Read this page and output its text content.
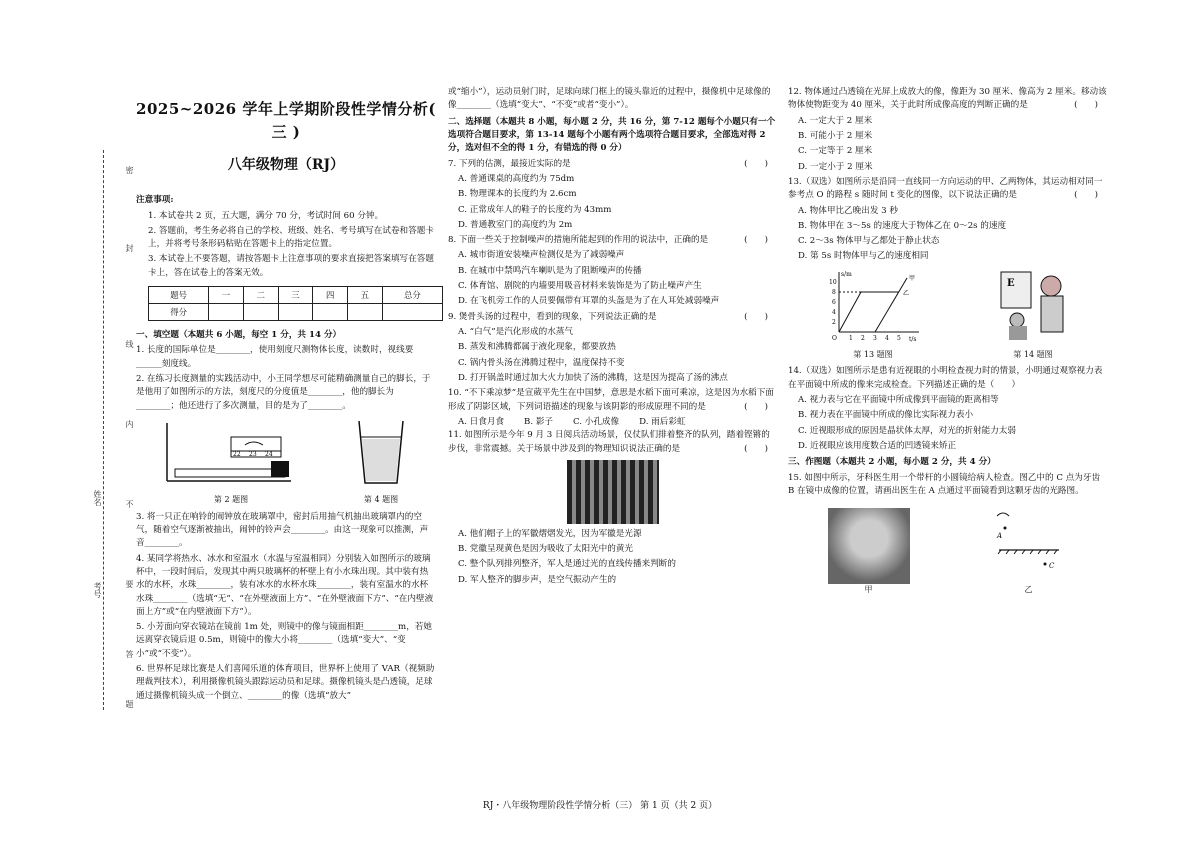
密
封
线
内
不
要
答
题
姓名
考号
2025~2026 学年上学期阶段性学情分析( 三 )
八年级物理（RJ）

注意事项:

1. 本试卷共 2 页，五大题，满分 70 分，考试时间 60 分钟。

2. 答题前，考生务必将自己的学校、班级、姓名、考号填写在试卷和答题卡上，并将考号条形码粘贴在答题卡上的指定位置。

3. 本试卷上不要答题，请按答题卡上注意事项的要求直接把答案填写在答题卡上，答在试卷上的答案无效。

题号	一	二	三	四	五	总分
得分						

一、填空题（本题共 6 小题，每空 1 分，共 14 分）

1. 长度的国际单位是________，使用刻度尺测物体长度，读数时，视线要______刻度线。

2. 在练习长度测量的实践活动中，小王同学想尽可能精确测量自己的脚长，于是他用了如图所示的方法，刻度尺的分度值是________，他的脚长为________；他还进行了多次测量，目的是为了________。

22 23 24
第 2 题图	第 4 题图

3. 将一只正在响铃的闹钟放在玻璃罩中，密封后用抽气机抽出玻璃罩内的空气，随着空气逐渐被抽出，闹钟的铃声会________。由这一现象可以推测，声音________。

4. 某同学将热水、冰水和室温水（水温与室温相同）分别装入如图所示的玻璃杯中，一段时间后，发现其中两只玻璃杯的杯壁上有小水珠出现。其中装有热水的水杯，水珠________，装有冰水的水杯水珠________，装有室温水的水杯水珠________（选填“无”、“在外壁液面上方”、“在外壁液面下方”、“在内壁液面上方”或“在内壁液面下方”）。

5. 小芳面向穿衣镜站在镜前 1m 处，则镜中的像与镜面相距________m，若她远离穿衣镜后退 0.5m，则镜中的像大小将________（选填“变大”、“变小”或“不变”）。

6. 世界杯足球比赛是人们喜闻乐道的体育项目，世界杯上使用了 VAR（视频助理裁判技术），利用摄像机镜头跟踪运动员和足球。摄像机镜头是凸透镜，足球通过摄像机镜头成一个倒立、________的像（选填“放大”

或“缩小”），运动员射门时，足球向球门框上的镜头靠近的过程中，摄像机中足球像的像________（选填“变大”、“不变”或者“变小”）。

二、选择题（本题共 8 小题，每小题 2 分，共 16 分，第 7-12 题每个小题只有一个选项符合题目要求，第 13-14 题每个小题有两个选项符合题目要求，全部选对得 2 分，选对但不全的得 1 分，有错选的得 0 分）

7. 下列的估测，最接近实际的是	(　　)

A. 普通课桌的高度约为 75dm

B. 物理课本的长度约为 2.6cm

C. 正常成年人的鞋子的长度约为 43mm

D. 普通教室门的高度约为 2m

8. 下面一些关于控制噪声的措施所能起到的作用的说法中，正确的是	(　　)

A. 城市街道安装噪声检测仪是为了减弱噪声

B. 在城市中禁鸣汽车喇叭是为了阻断噪声的传播

C. 体育馆、剧院的内墙要用吸音材料来装饰是为了防止噪声产生

D. 在飞机旁工作的人员要佩带有耳罩的头盔是为了在人耳处减弱噪声

9. 煲骨头汤的过程中，看到的现象，下列说法正确的是	(　　)

A. “白气”是汽化形成的水蒸气

B. 蒸发和沸腾都属于液化现象，都要放热

C. 锅内骨头汤在沸腾过程中，温度保持不变

D. 打开锅盖时通过加大火力加快了汤的沸腾，这是因为提高了汤的沸点

10. “不下乘凉梦”是宣葳平先生在中国梦，意思是水稻下面可乘凉，这是因为水稻下面形成了阴影区域，下列词语描述的现象与该阴影的形成原理不同的是	(　　)

A. 日食月食 B. 影子 C. 小孔成像 D. 雨后彩虹

11. 如图所示是今年 9 月 3 日阅兵活动场景，仪仗队们排着整齐的队列，踏着铿锵的步伐，非常震撼。关于场景中涉及到的物理知识说法正确的是	(　　)

A. 他们帽子上的军徽熠熠发光，因为军徽是光源

B. 党徽呈现黄色是因为吸收了太阳光中的黄光

C. 整个队列排列整齐，军人是通过光的直线传播来判断的

D. 军人整齐的脚步声，是空气振动产生的

12. 物体通过凸透镜在光屏上成放大的像，像距为 30 厘米、像高为 2 厘米。移动该物体使物距变为 40 厘米，关于此时所成像高度的判断正确的是	(　　)

A. 一定大于 2 厘米

B. 可能小于 2 厘米

C. 一定等于 2 厘米

D. 一定小于 2 厘米

13.（双选）如图所示是沿同一直线同一方向运动的甲、乙两物体，其运动相对同一参考点 O 的路程 s 随时间 t 变化的图像，以下说法正确的是	(　　)

A. 物体甲比乙晚出发 3 秒

B. 物体甲在 3～5s 的速度大于物体乙在 0～2s 的速度

C. 2～3s 物体甲与乙都处于静止状态

D. 第 5s 时物体甲与乙的速度相同

s/m
t/s
O
10
8
6
4
2
1 2 3 4 5
甲
乙
第 13 题图
E
第 14 题图

14.（双选）如图所示是患有近视眼的小明检查视力时的情景，小明通过观察视力表在平面镜中所成的像来完成检查。下列描述正确的是（　　）

A. 视力表与它在平面镜中所成像到平面镜的距离相等

B. 视力表在平面镜中所成的像比实际视力表小

C. 近视眼形成的原因是晶状体太厚，对光的折射能力太弱

D. 近视眼应该用度数合适的凹透镜来矫正

三、作图题（本题共 2 小题，每小题 2 分，共 4 分）

15. 如图中所示，牙科医生用一个带杆的小圆镜给病人检查。图乙中的 C 点为牙齿 B 在镜中成像的位置，请画出医生在 A 点通过平面镜看到这颗牙齿的光路图。

甲
A
C
乙
RJ・八年级物理阶段性学情分析（三） 第 1 页（共 2 页）
